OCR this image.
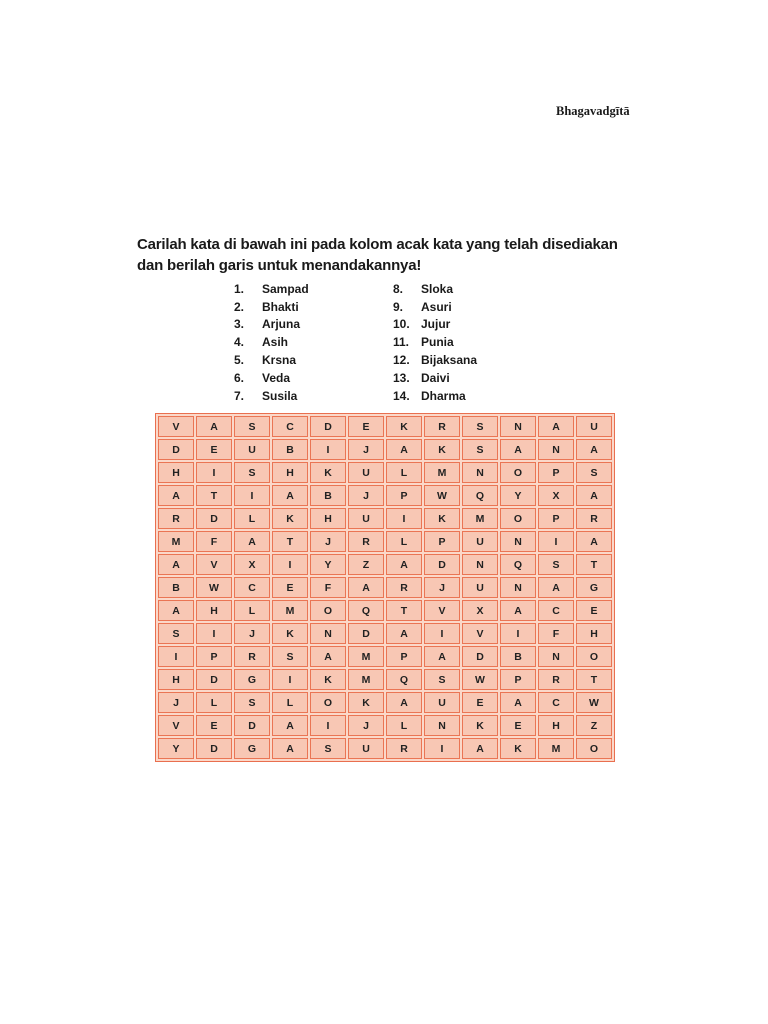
Bhagavadgītā
Carilah kata di bawah ini pada kolom acak kata yang telah disediakan
dan berilah garis untuk menandakannya!
1.	Sampad
2.	Bhakti
3.	Arjuna
4.	Asih
5.	Krsna
6.	Veda
7.	Susila
8.	Sloka
9.	Asuri
10. Jujur
11. Punia
12. Bijaksana
13. Daivi
14. Dharma
V	A	S	C	D	E	K	R	S	N	A	U
D	E	U	B	I	J	A	K	S	A	N	A
H	I	S	H	K	U	L	M	N	O	P	S
A	T	I	A	B	J	P	W	Q	Y	X	A
R	D	L	K	H	U	I	K	M	O	P	R
M	F	A	T	J	R	L	P	U	N	I	A
A	V	X	I	Y	Z	A	D	N	Q	S	T
B	W	C	E	F	A	R	J	U	N	A	G
A	H	L	M	O	Q	T	V	X	A	C	E
S	I	J	K	N	D	A	I	V	I	F	H
I	P	R	S	A	M	P	A	D	B	N	O
H	D	G	I	K	M	Q	S	W	P	R	T
J	L	S	L	O	K	A	U	E	A	C	W
V	E	D	A	I	J	L	N	K	E	H	Z
Y	D	G	A	S	U	R	I	A	K	M	O
